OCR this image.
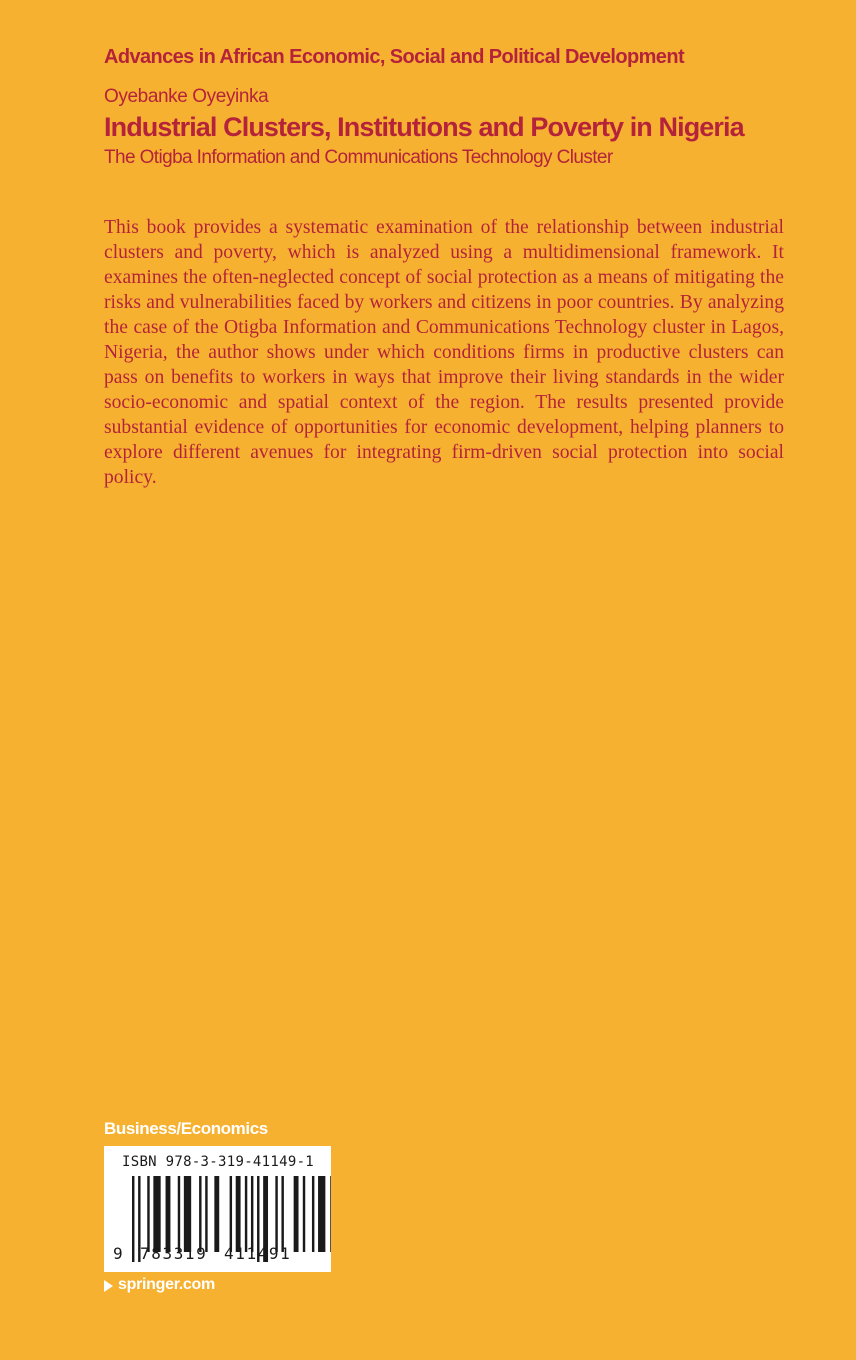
Advances in African Economic, Social and Political Development
Oyebanke Oyeyinka
Industrial Clusters, Institutions and Poverty in Nigeria
The Otigba Information and Communications Technology Cluster

This book provides a systematic examination of the relationship between industrial clusters and poverty, which is analyzed using a multidimensional framework. It examines the often-neglected concept of social protection as a means of mitigating the risks and vulnerabilities faced by workers and citizens in poor countries. By analyzing the case of the Otigba Information and Communications Technology cluster in Lagos, Nigeria, the author shows under which conditions firms in productive clusters can pass on benefits to workers in ways that improve their living standards in the wider socio-economic and spatial context of the region. The results presented provide substantial evidence of opportunities for economic development, helping planners to explore different avenues for integrating firm-driven social protection into social policy.

Business/Economics
ISBN 978-3-319-41149-1
9 783319 411491
springer.com
